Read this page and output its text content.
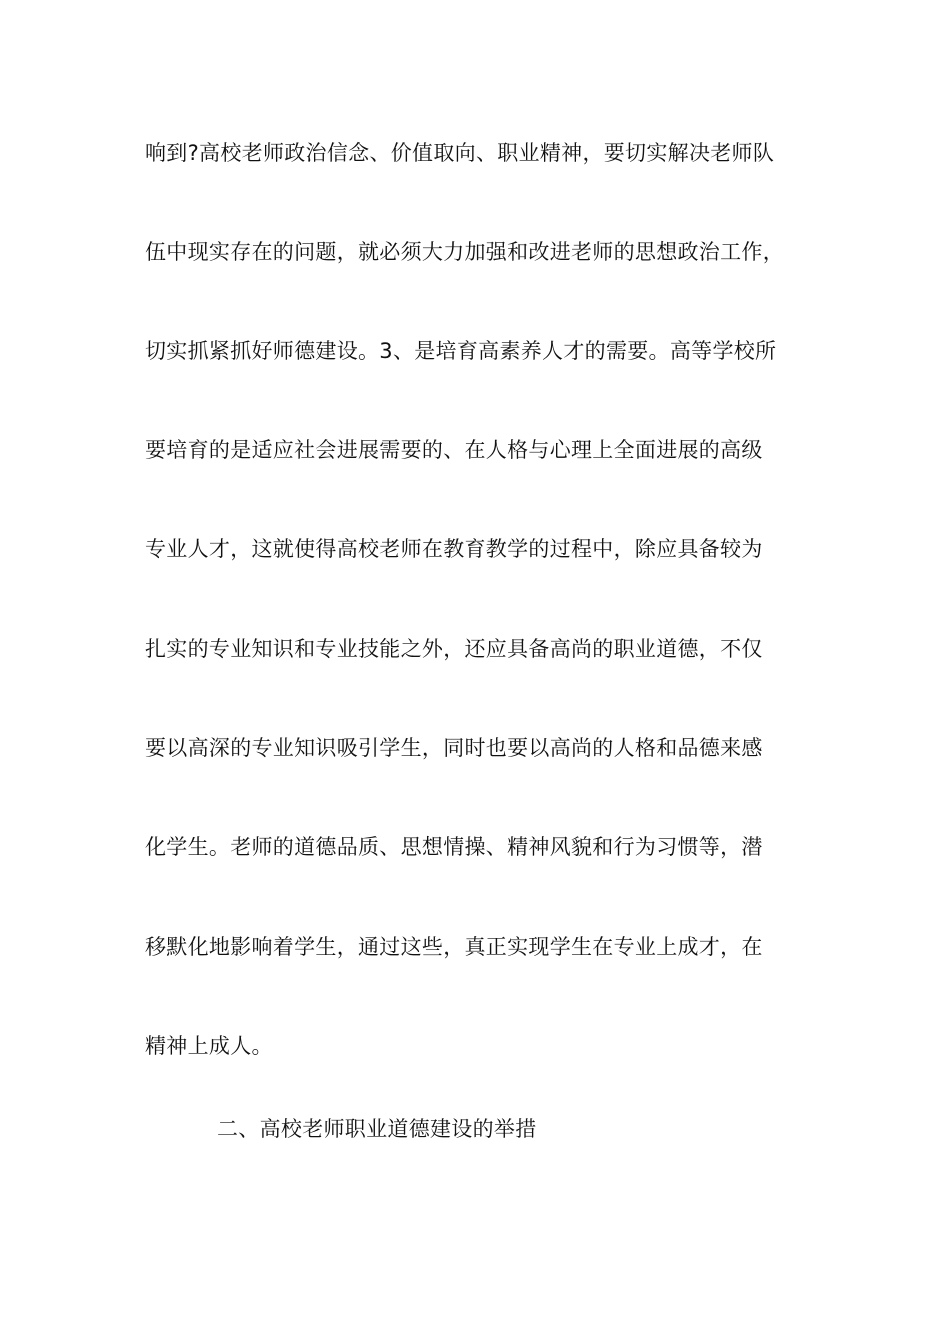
响到?高校老师政治信念、价值取向、职业精神，要切实解决老师队
伍中现实存在的问题，就必须大力加强和改进老师的思想政治工作，
切实抓紧抓好师德建设。3、是培育高素养人才的需要。高等学校所
要培育的是适应社会进展需要的、在人格与心理上全面进展的高级
专业人才，这就使得高校老师在教育教学的过程中，除应具备较为
扎实的专业知识和专业技能之外，还应具备高尚的职业道德，不仅
要以高深的专业知识吸引学生，同时也要以高尚的人格和品德来感
化学生。老师的道德品质、思想情操、精神风貌和行为习惯等，潜
移默化地影响着学生，通过这些，真正实现学生在专业上成才，在
精神上成人。
二、高校老师职业道德建设的举措
